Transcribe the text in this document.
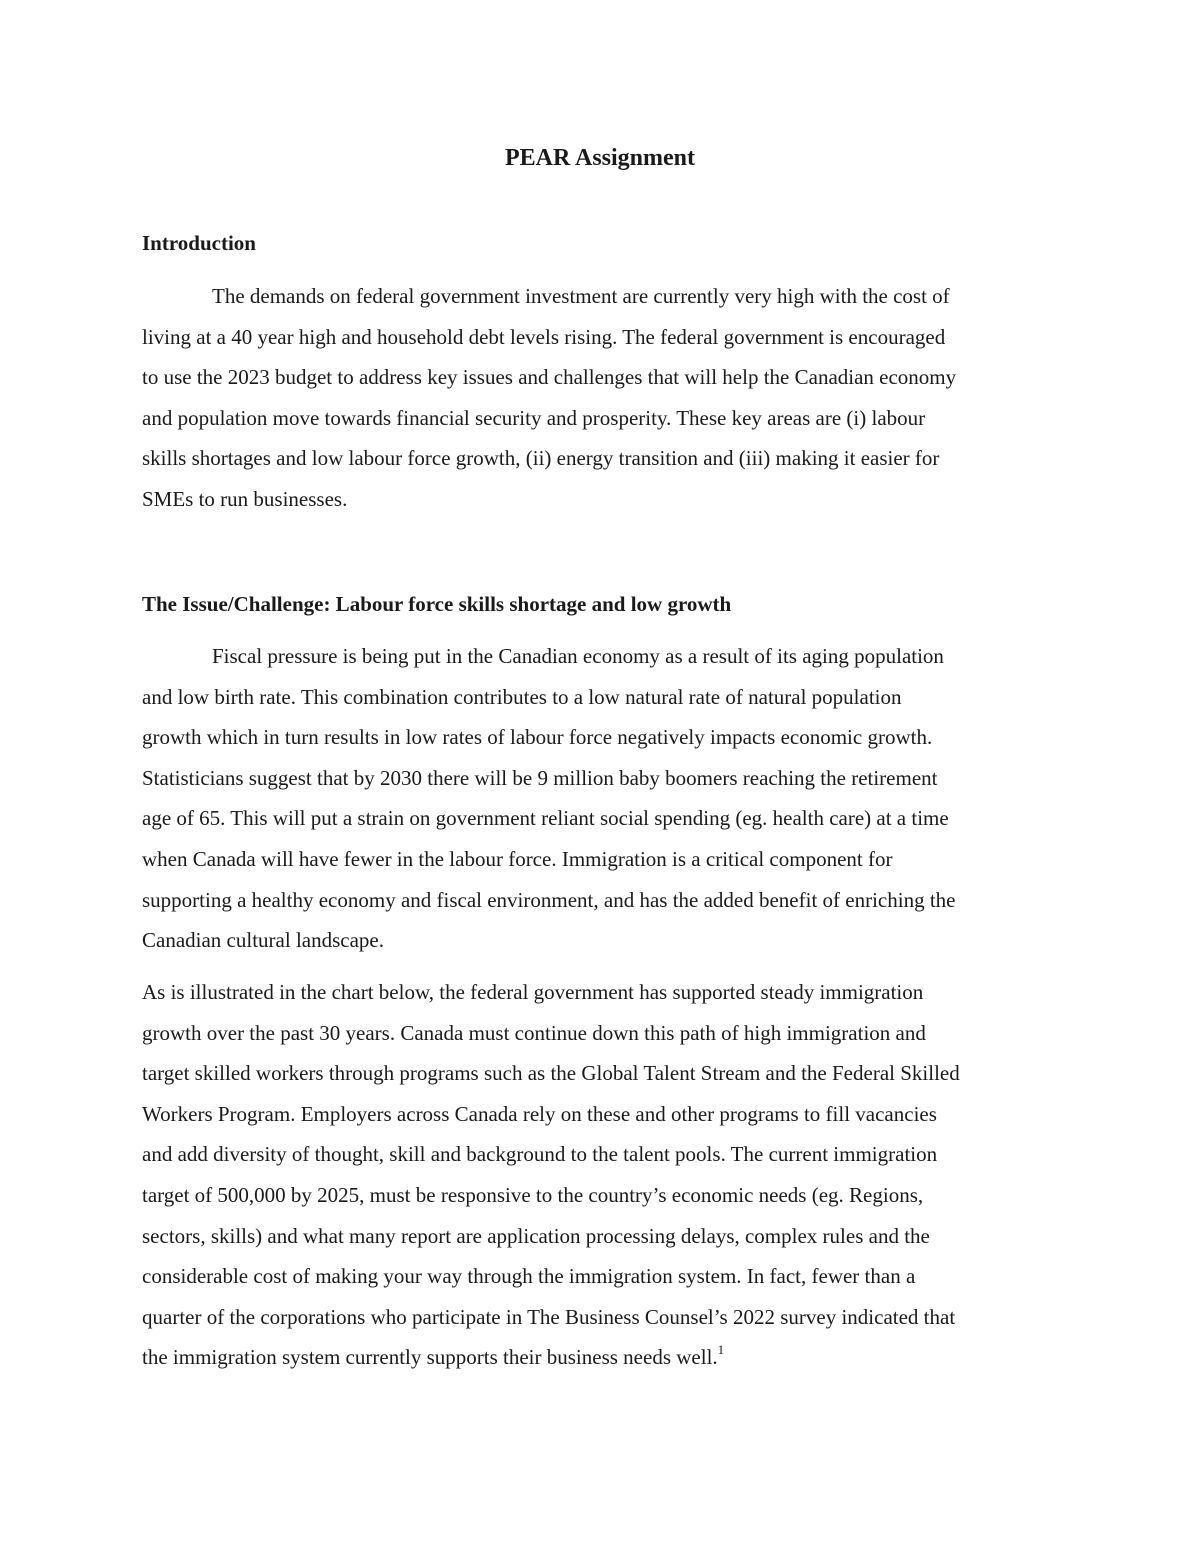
PEAR Assignment
Introduction

The demands on federal government investment are currently very high with the cost of
living at a 40 year high and household debt levels rising. The federal government is encouraged
to use the 2023 budget to address key issues and challenges that will help the Canadian economy
and population move towards financial security and prosperity. These key areas are (i) labour
skills shortages and low labour force growth, (ii) energy transition and (iii) making it easier for
SMEs to run businesses.

The Issue/Challenge: Labour force skills shortage and low growth

Fiscal pressure is being put in the Canadian economy as a result of its aging population
and low birth rate. This combination contributes to a low natural rate of natural population
growth which in turn results in low rates of labour force negatively impacts economic growth.
Statisticians suggest that by 2030 there will be 9 million baby boomers reaching the retirement
age of 65. This will put a strain on government reliant social spending (eg. health care) at a time
when Canada will have fewer in the labour force. Immigration is a critical component for
supporting a healthy economy and fiscal environment, and has the added benefit of enriching the
Canadian cultural landscape.

As is illustrated in the chart below, the federal government has supported steady immigration
growth over the past 30 years. Canada must continue down this path of high immigration and
target skilled workers through programs such as the Global Talent Stream and the Federal Skilled
Workers Program. Employers across Canada rely on these and other programs to fill vacancies
and add diversity of thought, skill and background to the talent pools. The current immigration
target of 500,000 by 2025, must be responsive to the country’s economic needs (eg. Regions,
sectors, skills) and what many report are application processing delays, complex rules and the
considerable cost of making your way through the immigration system. In fact, fewer than a
quarter of the corporations who participate in The Business Counsel’s 2022 survey indicated that
the immigration system currently supports their business needs well.$^1$
